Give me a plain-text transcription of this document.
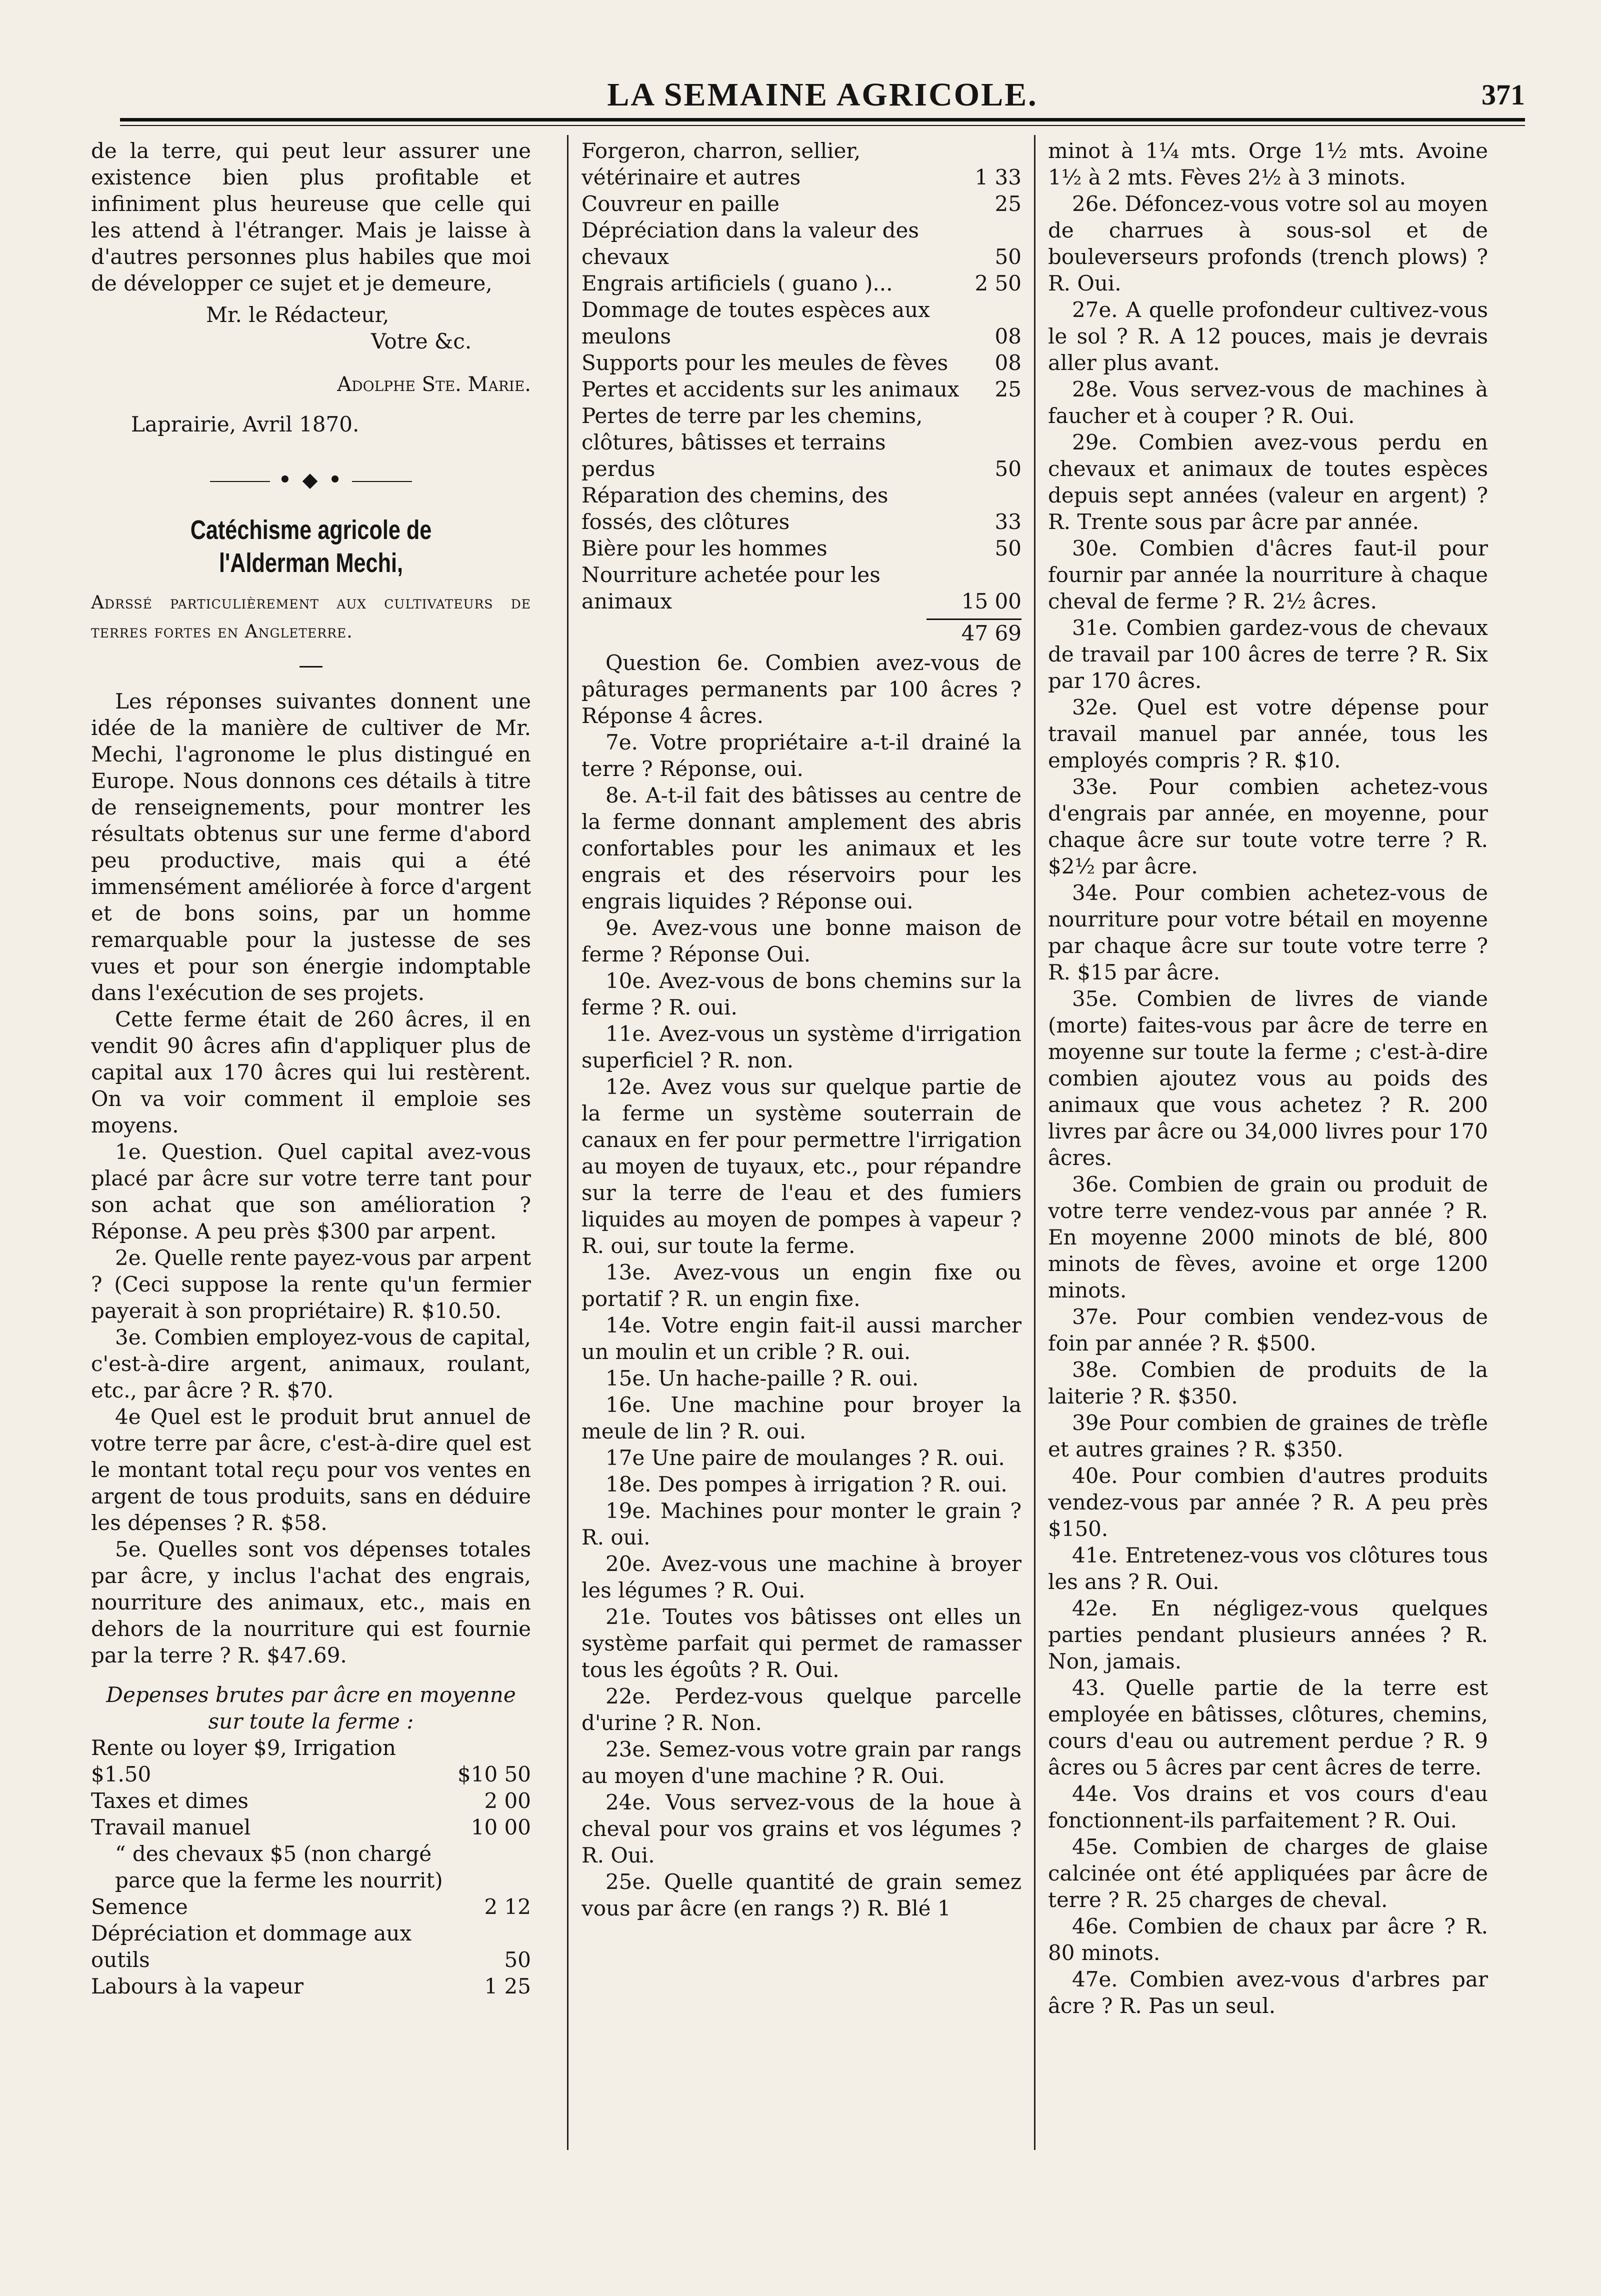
LA SEMAINE AGRICOLE.	371

de la terre, qui peut leur assurer une existence bien plus profitable et infiniment plus heureuse que celle qui les attend à l'étranger. Mais je laisse à d'autres personnes plus habiles que moi de développer ce sujet et je demeure,

Mr. le Rédacteur,

Votre &c.

Adolphe Ste. Marie.

Laprairie, Avril 1870.

• ◆ •
Catéchisme agricole de l'Alderman Mechi,

Adrssé particulièrement aux cultivateurs de terres fortes en Angleterre.

Les réponses suivantes donnent une idée de la manière de cultiver de Mr. Mechi, l'agronome le plus distingué en Europe. Nous donnons ces détails à titre de renseignements, pour montrer les résultats obtenus sur une ferme d'abord peu productive, mais qui a été immensément améliorée à force d'argent et de bons soins, par un homme remarquable pour la justesse de ses vues et pour son énergie indomptable dans l'exécution de ses projets.

Cette ferme était de 260 âcres, il en vendit 90 âcres afin d'appliquer plus de capital aux 170 âcres qui lui restèrent. On va voir comment il emploie ses moyens.

1e. Question. Quel capital avez-vous placé par âcre sur votre terre tant pour son achat que son amélioration ? Réponse. A peu près $300 par arpent.

2e. Quelle rente payez-vous par arpent ? (Ceci suppose la rente qu'un fermier payerait à son propriétaire) R. $10.50.

3e. Combien employez-vous de capital, c'est-à-dire argent, animaux, roulant, etc., par âcre ? R. $70.

4e Quel est le produit brut annuel de votre terre par âcre, c'est-à-dire quel est le montant total reçu pour vos ventes en argent de tous produits, sans en déduire les dépenses ? R. $58.

5e. Quelles sont vos dépenses totales par âcre, y inclus l'achat des engrais, nourriture des animaux, etc., mais en dehors de la nourriture qui est fournie par la terre ? R. $47.69.

Depenses brutes par âcre en moyenne sur toute la ferme :

Rente ou loyer $9, Irrigation $1.50	$10 50
Taxes et dimes	2 00
Travail manuel	10 00
“ des chevaux $5 (non chargé parce que la ferme les nourrit)
Semence	2 12
Dépréciation et dommage aux outils	50
Labours à la vapeur	1 25
Forgeron, charron, sellier, vétérinaire et autres	1 33
Couvreur en paille	25
Dépréciation dans la valeur des chevaux	50
Engrais artificiels ( guano )...	2 50
Dommage de toutes espèces aux meulons	08
Supports pour les meules de fèves	08
Pertes et accidents sur les animaux	25
Pertes de terre par les chemins, clôtures, bâtisses et terrains perdus	50
Réparation des chemins, des fossés, des clôtures	33
Bière pour les hommes	50
Nourriture achetée pour les animaux	15 00

47 69

Question 6e. Combien avez-vous de pâturages permanents par 100 âcres ? Réponse 4 âcres.

7e. Votre propriétaire a-t-il drainé la terre ? Réponse, oui.

8e. A-t-il fait des bâtisses au centre de la ferme donnant amplement des abris confortables pour les animaux et les engrais et des réservoirs pour les engrais liquides ? Réponse oui.

9e. Avez-vous une bonne maison de ferme ? Réponse Oui.

10e. Avez-vous de bons chemins sur la ferme ? R. oui.

11e. Avez-vous un système d'irrigation superficiel ? R. non.

12e. Avez vous sur quelque partie de la ferme un système souterrain de canaux en fer pour permettre l'irrigation au moyen de tuyaux, etc., pour répandre sur la terre de l'eau et des fumiers liquides au moyen de pompes à vapeur ? R. oui, sur toute la ferme.

13e. Avez-vous un engin fixe ou portatif ? R. un engin fixe.

14e. Votre engin fait-il aussi marcher un moulin et un crible ? R. oui.

15e. Un hache-paille ? R. oui.

16e. Une machine pour broyer la meule de lin ? R. oui.

17e Une paire de moulanges ? R. oui.

18e. Des pompes à irrigation ? R. oui.

19e. Machines pour monter le grain ? R. oui.

20e. Avez-vous une machine à broyer les légumes ? R. Oui.

21e. Toutes vos bâtisses ont elles un système parfait qui permet de ramasser tous les égoûts ? R. Oui.

22e. Perdez-vous quelque parcelle d'urine ? R. Non.

23e. Semez-vous votre grain par rangs au moyen d'une machine ? R. Oui.

24e. Vous servez-vous de la houe à cheval pour vos grains et vos légumes ? R. Oui.

25e. Quelle quantité de grain semez vous par âcre (en rangs ?) R. Blé 1

minot à 1¼ mts. Orge 1½ mts. Avoine 1½ à 2 mts. Fèves 2½ à 3 minots.

26e. Défoncez-vous votre sol au moyen de charrues à sous-sol et de bouleverseurs profonds (trench plows) ? R. Oui.

27e. A quelle profondeur cultivez-vous le sol ? R. A 12 pouces, mais je devrais aller plus avant.

28e. Vous servez-vous de machines à faucher et à couper ? R. Oui.

29e. Combien avez-vous perdu en chevaux et animaux de toutes espèces depuis sept années (valeur en argent) ? R. Trente sous par âcre par année.

30e. Combien d'âcres faut-il pour fournir par année la nourriture à chaque cheval de ferme ? R. 2½ âcres.

31e. Combien gardez-vous de chevaux de travail par 100 âcres de terre ? R. Six par 170 âcres.

32e. Quel est votre dépense pour travail manuel par année, tous les employés compris ? R. $10.

33e. Pour combien achetez-vous d'engrais par année, en moyenne, pour chaque âcre sur toute votre terre ? R. $2½ par âcre.

34e. Pour combien achetez-vous de nourriture pour votre bétail en moyenne par chaque âcre sur toute votre terre ? R. $15 par âcre.

35e. Combien de livres de viande (morte) faites-vous par âcre de terre en moyenne sur toute la ferme ; c'est-à-dire combien ajoutez vous au poids des animaux que vous achetez ? R. 200 livres par âcre ou 34,000 livres pour 170 âcres.

36e. Combien de grain ou produit de votre terre vendez-vous par année ? R. En moyenne 2000 minots de blé, 800 minots de fèves, avoine et orge 1200 minots.

37e. Pour combien vendez-vous de foin par année ? R. $500.

38e. Combien de produits de la laiterie ? R. $350.

39e Pour combien de graines de trèfle et autres graines ? R. $350.

40e. Pour combien d'autres produits vendez-vous par année ? R. A peu près $150.

41e. Entretenez-vous vos clôtures tous les ans ? R. Oui.

42e. En négligez-vous quelques parties pendant plusieurs années ? R. Non, jamais.

43. Quelle partie de la terre est employée en bâtisses, clôtures, chemins, cours d'eau ou autrement perdue ? R. 9 âcres ou 5 âcres par cent âcres de terre.

44e. Vos drains et vos cours d'eau fonctionnent-ils parfaitement ? R. Oui.

45e. Combien de charges de glaise calcinée ont été appliquées par âcre de terre ? R. 25 charges de cheval.

46e. Combien de chaux par âcre ? R. 80 minots.

47e. Combien avez-vous d'arbres par âcre ? R. Pas un seul.
